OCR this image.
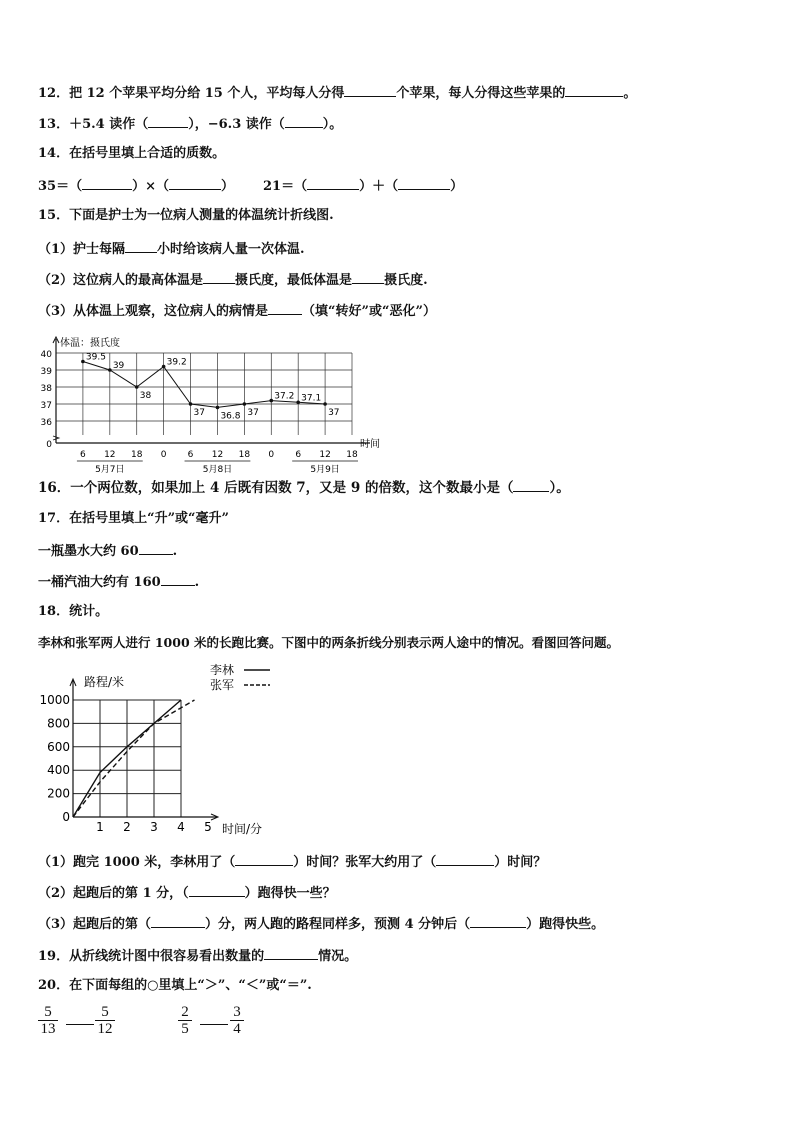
12．把 12 个苹果平均分给 15 个人，平均每人分得	个苹果，每人分得这些苹果的	。
13．＋5.4 读作（	），−6.3 读作（	）。
14．在括号里填上合适的质数。
35＝（	）×（	） 21＝（	）＋（	）
15．下面是护士为一位病人测量的体温统计折线图.
（1）护士每隔 小时给该病人量一次体温.
（2）这位病人的最高体温是 摄氏度，最低体温是 摄氏度.
（3）从体温上观察，这位病人的病情是	（填“转好”或“恶化”）
40
39
38
37
36
0
6 12 18 0 6 12 18 0 6 12 18
5月7日	5月8日	5月9日
39.5
39
38
39.2
37 36.8 37
37.2 37.1
37
体温：摄氏度
时间
16．一个两位数，如果加上 4 后既有因数 7，又是 9 的倍数，这个数最小是（	）。
17．在括号里填上“升”或“毫升”
一瓶墨水大约 60	.
一桶汽油大约有 160	.
18．统计。
李林和张军两人进行 1000 米的长跑比赛。下图中的两条折线分别表示两人途中的情况。看图回答问题。
0
200
400
600
800
1000
1 2 3 4 5
李林
张军
路程/米
时间/分
（1）跑完 1000 米，李林用了（	）时间？张军大约用了（	）时间？
（2）起跑后的第 1 分，（	）跑得快一些？
（3）起跑后的第（	）分，两人跑的路程同样多，预测 4 分钟后（	）跑得快些。
19．从折线统计图中很容易看出数量的	情况。
20．在下面每组的○里填上“＞”、“＜”或“＝”.
5
13
5
12
2
5
3
4
